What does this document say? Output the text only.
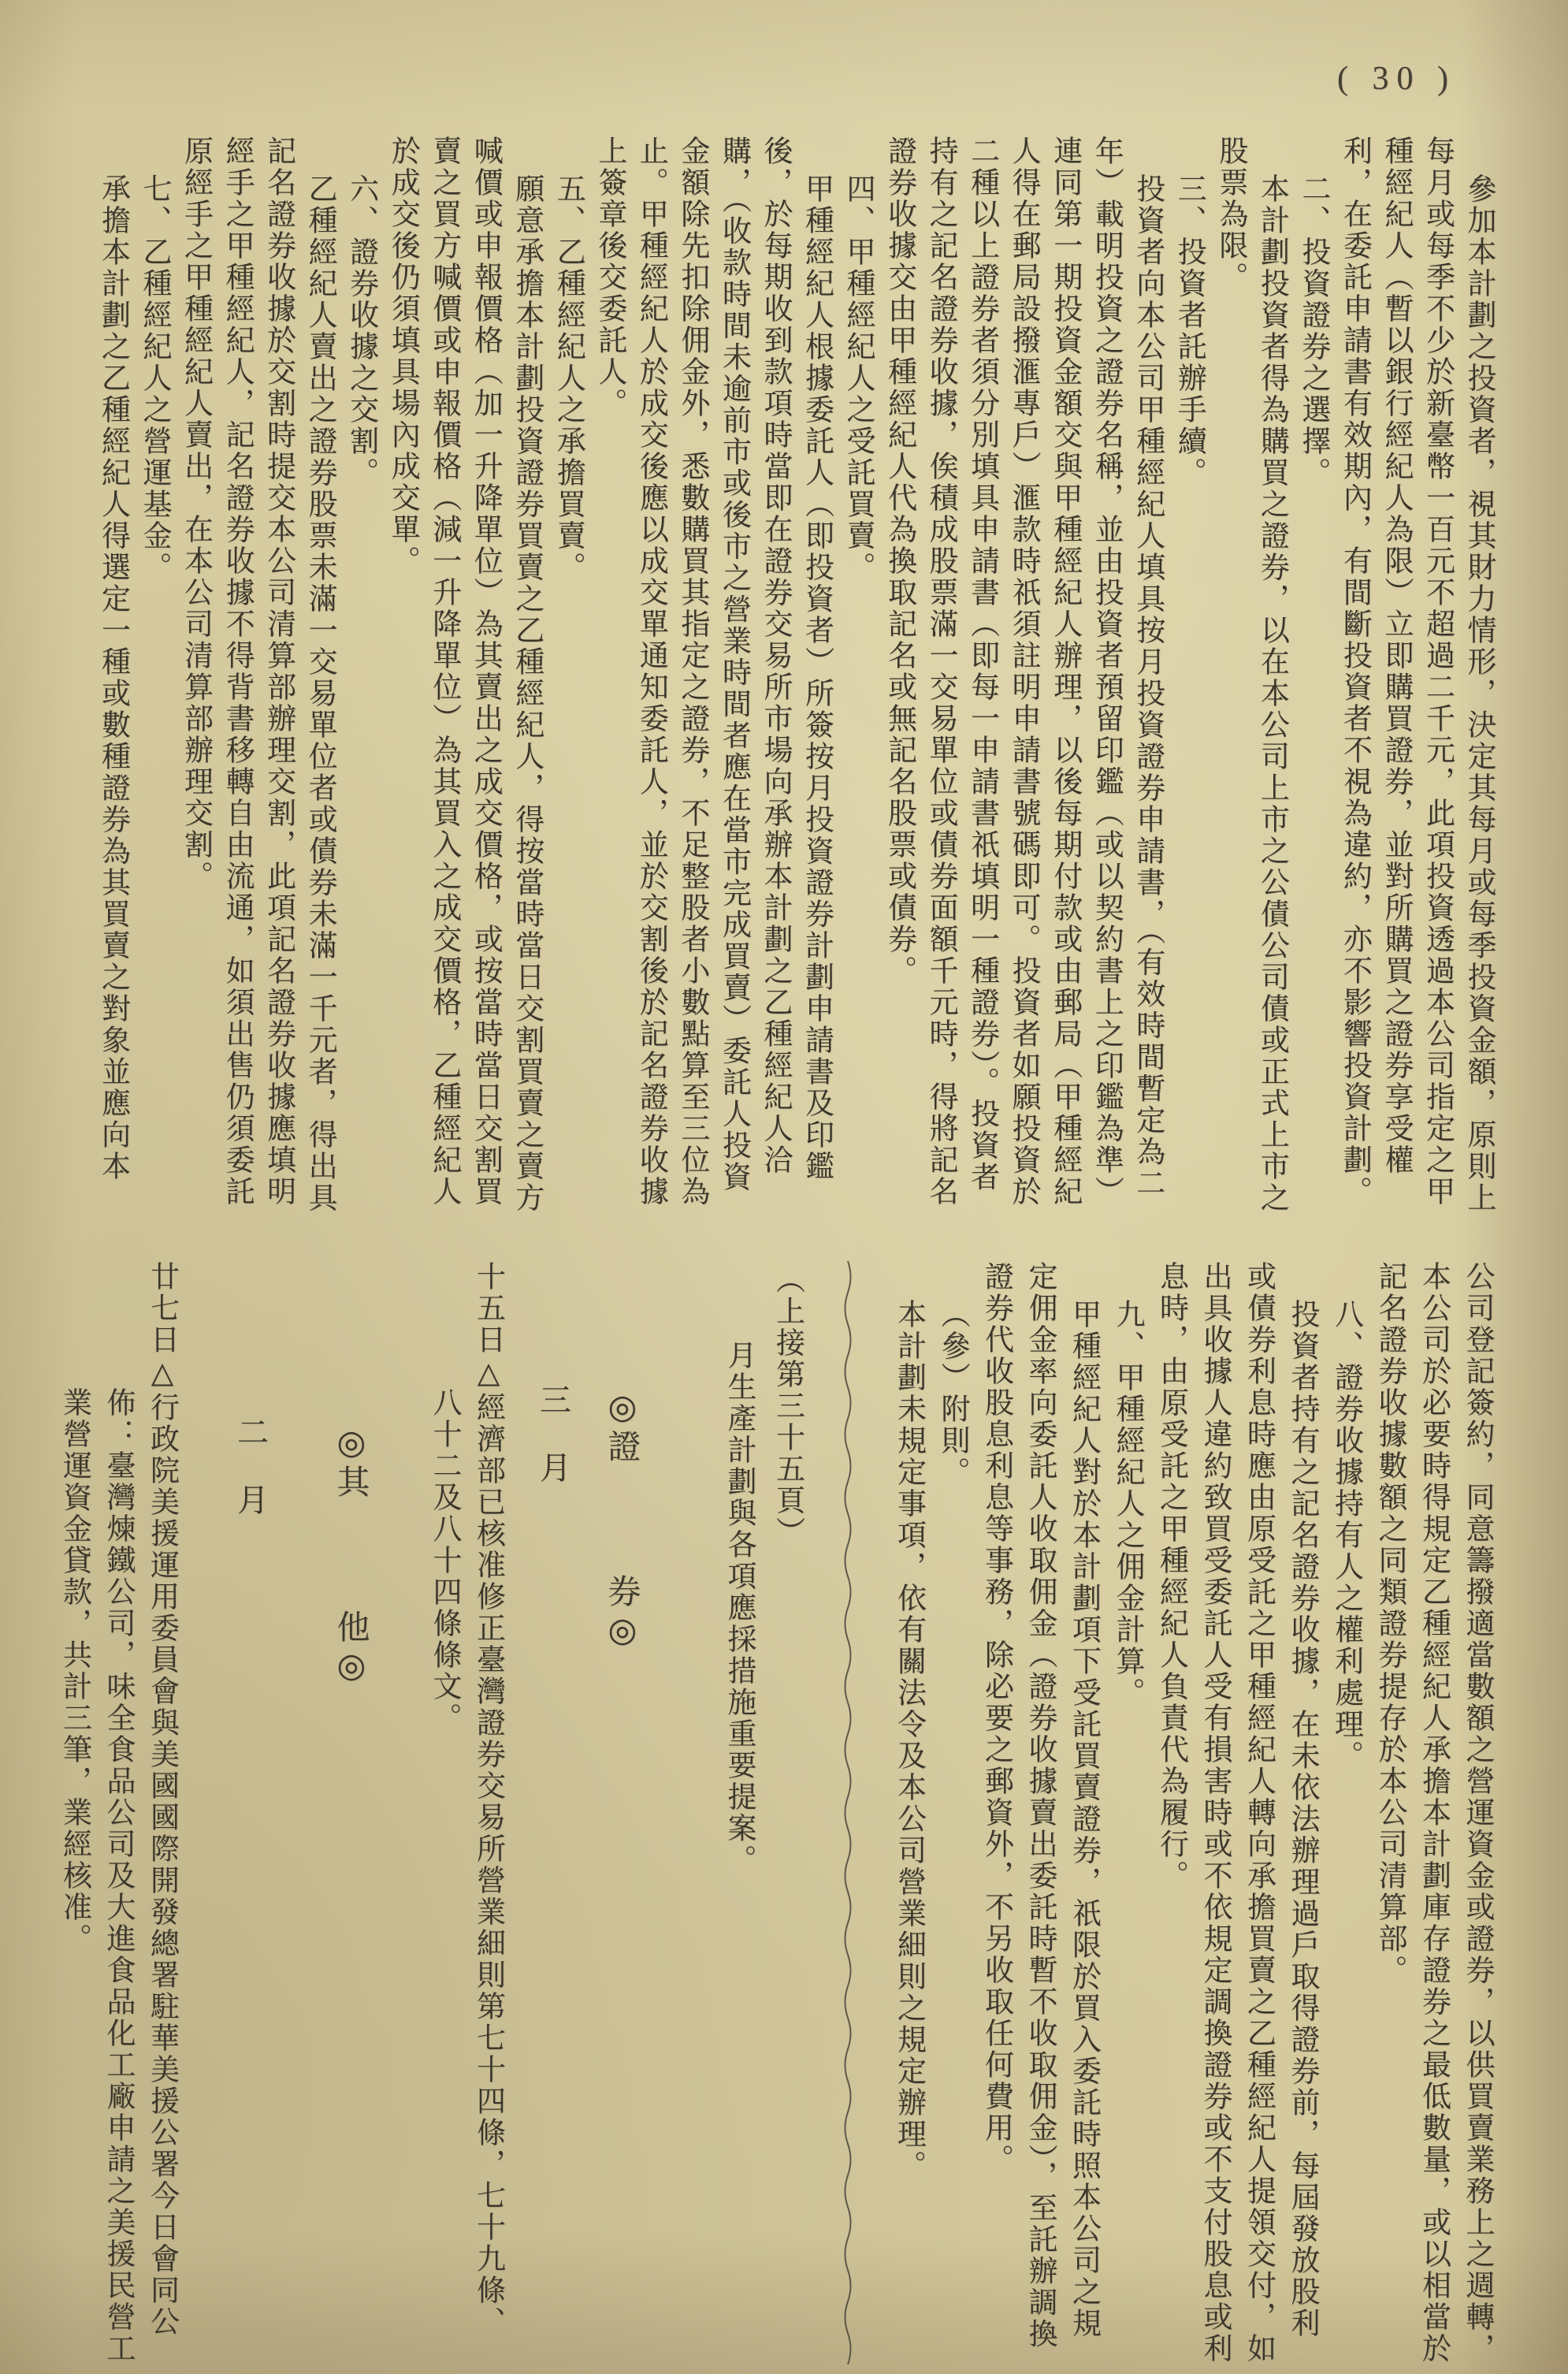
( 30 )

參加本計劃之投資者，視其財力情形，決定其每月或每季投資金額，原則上每月或每季不少於新臺幣一百元不超過二千元，此項投資透過本公司指定之甲種經紀人（暫以銀行經紀人為限）立即購買證券，並對所購買之證券享受權利，在委託申請書有效期內，有間斷投資者不視為違約，亦不影響投資計劃。

二、投資證券之選擇。

本計劃投資者得為購買之證券，以在本公司上市之公債公司債或正式上市之股票為限。

三、投資者託辦手續。

投資者向本公司甲種經紀人填具按月投資證券申請書，（有效時間暫定為二年）載明投資之證券名稱，並由投資者預留印鑑（或以契約書上之印鑑為準）連同第一期投資金額交與甲種經紀人辦理，以後每期付款或由郵局（甲種經紀人得在郵局設撥滙專戶）滙款時祇須註明申請書號碼即可。投資者如願投資於二種以上證券者須分別填具申請書（即每一申請書祇填明一種證券）。投資者持有之記名證券收據，俟積成股票滿一交易單位或債券面額千元時，得將記名證券收據交由甲種經紀人代為換取記名或無記名股票或債券。

四、甲種經紀人之受託買賣。

甲種經紀人根據委託人（即投資者）所簽按月投資證券計劃申請書及印鑑後，於每期收到款項時當即在證券交易所市場向承辦本計劃之乙種經紀人洽購，（收款時間未逾前市或後市之營業時間者應在當市完成買賣）委託人投資金額除先扣除佣金外，悉數購買其指定之證券，不足整股者小數點算至三位為止。甲種經紀人於成交後應以成交單通知委託人，並於交割後於記名證券收據上簽章後交委託人。

五、乙種經紀人之承擔買賣。

願意承擔本計劃投資證券買賣之乙種經紀人，得按當時當日交割買賣之賣方喊價或申報價格（加一升降單位）為其賣出之成交價格，或按當時當日交割買賣之買方喊價或申報價格（減一升降單位）為其買入之成交價格，乙種經紀人於成交後仍須填具場內成交單。

六、證券收據之交割。

乙種經紀人賣出之證券股票未滿一交易單位者或債券未滿一千元者，得出具記名證券收據於交割時提交本公司清算部辦理交割，此項記名證券收據應填明經手之甲種經紀人，記名證券收據不得背書移轉自由流通，如須出售仍須委託原經手之甲種經紀人賣出，在本公司清算部辦理交割。

七、乙種經紀人之營運基金。

承擔本計劃之乙種經紀人得選定一種或數種證券為其買賣之對象並應向本

（上接第三十五頁）

月生產計劃與各項應採措施重要提案。

◎證　　　券◎

三　月

十五日△經濟部已核准修正臺灣證券交易所營業細則第七十四條，七十九條、八十二及八十四條條文。

◎其　　　他◎

二　月

廿七日△行政院美援運用委員會與美國國際開發總署駐華美援公署今日會同公佈：臺灣煉鐵公司，味全食品公司及大進食品化工廠申請之美援民營工業營運資金貸款，共計三筆，業經核准。	公司登記簽約，同意籌撥適當數額之營運資金或證券，以供買賣業務上之週轉，本公司於必要時得規定乙種經紀人承擔本計劃庫存證券之最低數量，或以相當於記名證券收據數額之同類證券提存於本公司清算部。

八、證券收據持有人之權利處理。

投資者持有之記名證券收據，在未依法辦理過戶取得證券前，每屆發放股利或債券利息時應由原受託之甲種經紀人轉向承擔買賣之乙種經紀人提領交付，如出具收據人違約致買受委託人受有損害時或不依規定調換證券或不支付股息或利息時，由原受託之甲種經紀人負責代為履行。

九、甲種經紀人之佣金計算。

甲種經紀人對於本計劃項下受託買賣證券，祇限於買入委託時照本公司之規定佣金率向委託人收取佣金（證券收據賣出委託時暫不收取佣金），至託辦調換證券代收股息利息等事務，除必要之郵資外，不另收取任何費用。

（參）附則。

本計劃未規定事項，依有關法令及本公司營業細則之規定辦理。
